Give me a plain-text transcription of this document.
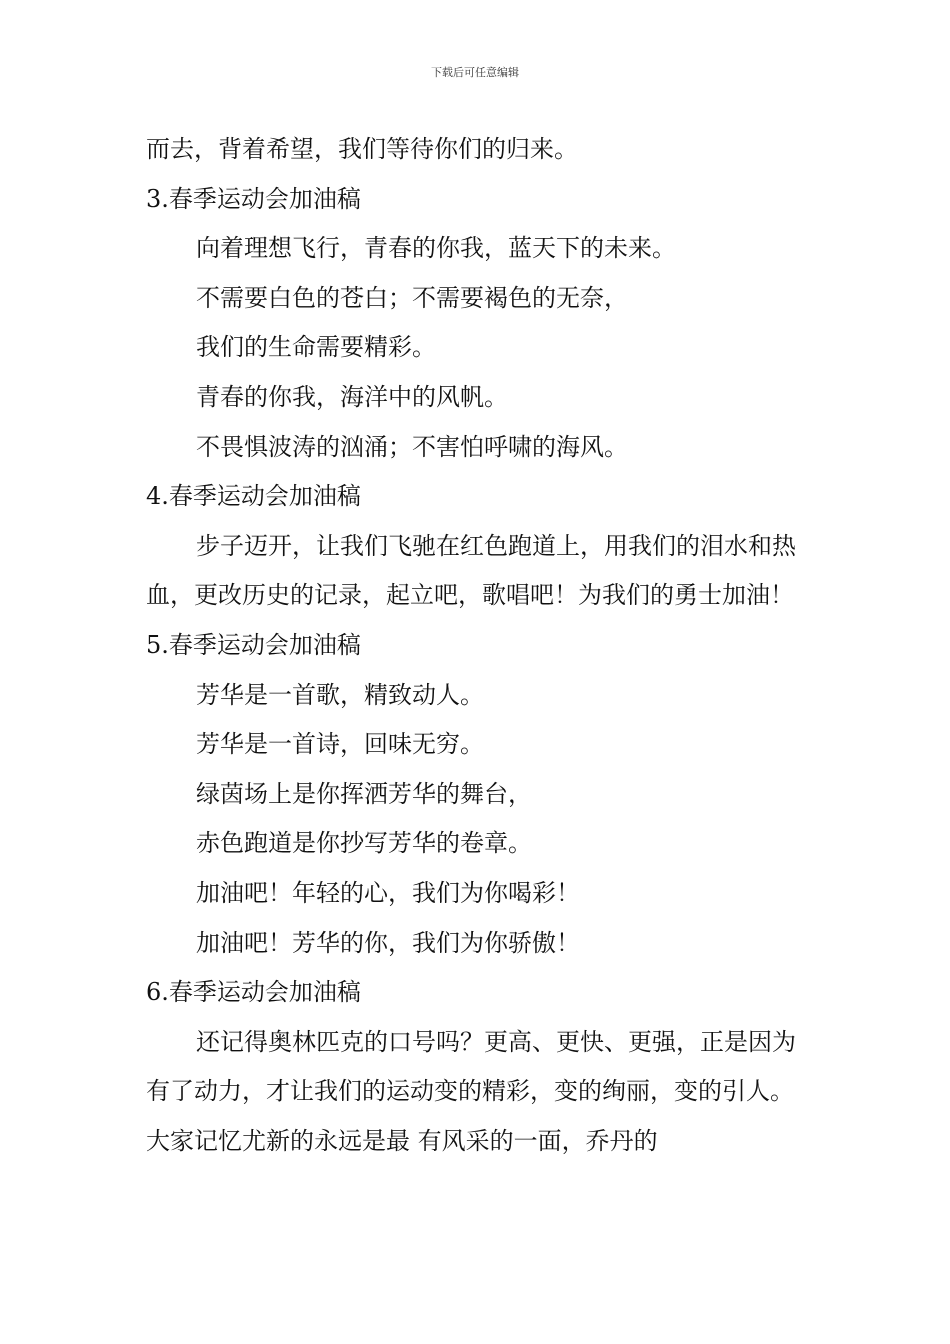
下载后可任意编辑
而去，背着希望，我们等待你们的归来。
3.春季运动会加油稿
向着理想飞行，青春的你我，蓝天下的未来。
不需要白色的苍白；不需要褐色的无奈，
我们的生命需要精彩。
青春的你我，海洋中的风帆。
不畏惧波涛的汹涌；不害怕呼啸的海风。
4.春季运动会加油稿
步子迈开，让我们飞驰在红色跑道上，用我们的泪水和热血，更改历史的记录，起立吧，歌唱吧！为我们的勇士加油！
5.春季运动会加油稿
芳华是一首歌，精致动人。
芳华是一首诗，回味无穷。
绿茵场上是你挥洒芳华的舞台，
赤色跑道是你抄写芳华的卷章。
加油吧！年轻的心，我们为你喝彩！
加油吧！芳华的你，我们为你骄傲！
6.春季运动会加油稿
还记得奥林匹克的口号吗？更高、更快、更强，正是因为有了动力，才让我们的运动变的精彩，变的绚丽，变的引人。大家记忆尤新的永远是最 有风采的一面，乔丹的
